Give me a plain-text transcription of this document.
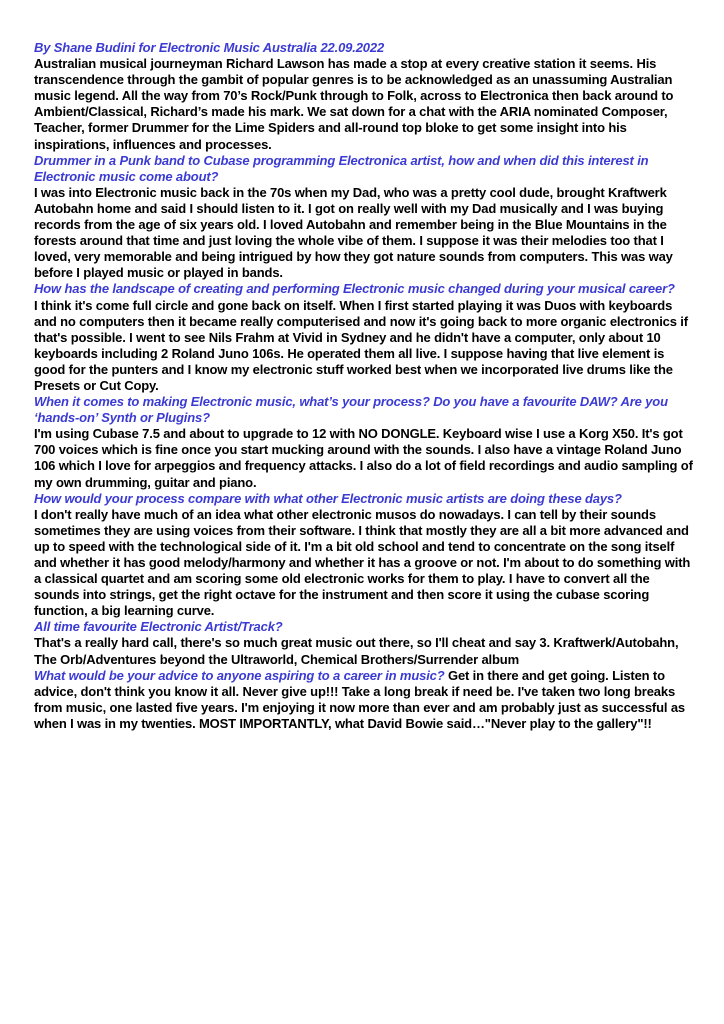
By Shane Budini for Electronic Music Australia 22.09.2022

Australian musical journeyman Richard Lawson has made a stop at every creative station it seems. His transcendence through the gambit of popular genres is to be acknowledged as an unassuming Australian music legend. All the way from 70’s Rock/Punk through to Folk, across to Electronica then back around to Ambient/Classical, Richard’s made his mark. We sat down for a chat with the ARIA nominated Composer, Teacher, former Drummer for the Lime Spiders and all-round top bloke to get some insight into his inspirations, influences and processes.

Drummer in a Punk band to Cubase programming Electronica artist, how and when did this interest in Electronic music come about?

I was into Electronic music back in the 70s when my Dad, who was a pretty cool dude, brought Kraftwerk Autobahn home and said I should listen to it. I got on really well with my Dad musically and I was buying records from the age of six years old. I loved Autobahn and remember being in the Blue Mountains in the forests around that time and just loving the whole vibe of them. I suppose it was their melodies too that I loved, very memorable and being intrigued by how they got nature sounds from computers. This was way before I played music or played in bands.

How has the landscape of creating and performing Electronic music changed during your musical career?

I think it's come full circle and gone back on itself. When I first started playing it was Duos with keyboards and no computers then it became really computerised and now it's going back to more organic electronics if that's possible. I went to see Nils Frahm at Vivid in Sydney and he didn't have a computer, only about 10 keyboards including 2 Roland Juno 106s. He operated them all live. I suppose having that live element is good for the punters and I know my electronic stuff worked best when we incorporated live drums like the Presets or Cut Copy.

When it comes to making Electronic music, what’s your process? Do you have a favourite DAW? Are you ‘hands-on’ Synth or Plugins?

I'm using Cubase 7.5 and about to upgrade to 12 with NO DONGLE. Keyboard wise I use a Korg X50. It's got 700 voices which is fine once you start mucking around with the sounds. I also have a vintage Roland Juno 106 which I love for arpeggios and frequency attacks. I also do a lot of field recordings and audio sampling of my own drumming, guitar and piano.

How would your process compare with what other Electronic music artists are doing these days?

I don't really have much of an idea what other electronic musos do nowadays. I can tell by their sounds sometimes they are using voices from their software. I think that mostly they are all a bit more advanced and up to speed with the technological side of it. I'm a bit old school and tend to concentrate on the song itself and whether it has good melody/harmony and whether it has a groove or not. I'm about to do something with a classical quartet and am scoring some old electronic works for them to play. I have to convert all the sounds into strings, get the right octave for the instrument and then score it using the cubase scoring function, a big learning curve.

All time favourite Electronic Artist/Track?

That's a really hard call, there's so much great music out there, so I'll cheat and say 3. Kraftwerk/Autobahn, The Orb/Adventures beyond the Ultraworld, Chemical Brothers/Surrender album

What would be your advice to anyone aspiring to a career in music? Get in there and get going. Listen to advice, don't think you know it all. Never give up!!! Take a long break if need be. I've taken two long breaks from music, one lasted five years. I'm enjoying it now more than ever and am probably just as successful as when I was in my twenties. MOST IMPORTANTLY, what David Bowie said…"Never play to the gallery"!!
